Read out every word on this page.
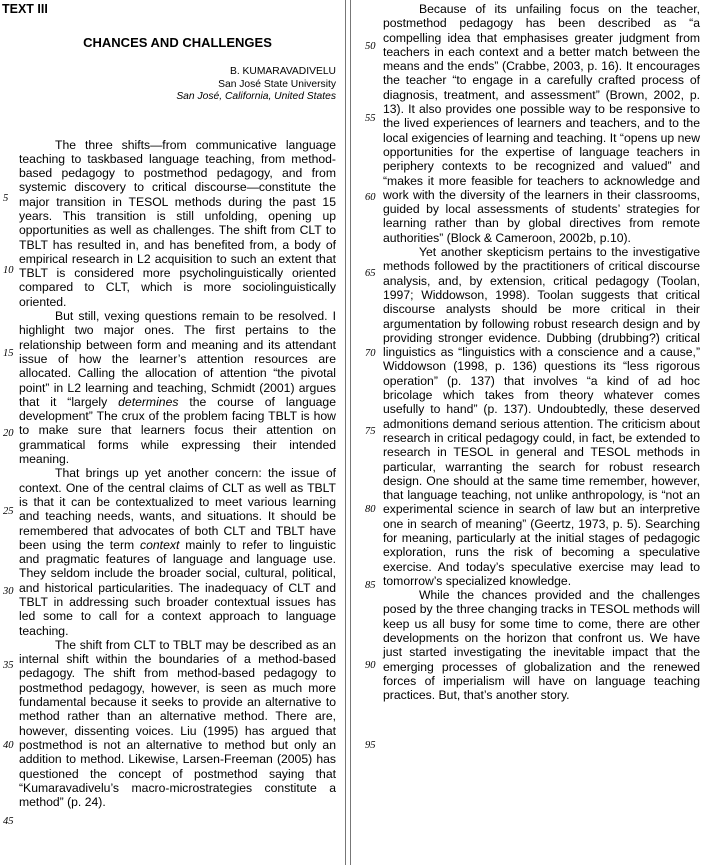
TEXT III
CHANCES AND CHALLENGES
B. KUMARAVADIVELU
San José State University
San José, California, United States

The three shifts—from communicative language teaching to taskbased language teaching, from method-based pedagogy to postmethod pedagogy, and from systemic discovery to critical discourse—constitute the major transition in TESOL methods during the past 15 years. This transition is still unfolding, opening up opportunities as well as challenges. The shift from CLT to TBLT has resulted in, and has benefited from, a body of empirical research in L2 acquisition to such an extent that TBLT is considered more psycholinguistically oriented compared to CLT, which is more sociolinguistically oriented.

But still, vexing questions remain to be resolved. I highlight two major ones. The first pertains to the relationship between form and meaning and its attendant issue of how the learner’s attention resources are allocated. Calling the allocation of attention “the pivotal point” in L2 learning and teaching, Schmidt (2001) argues that it “largely determines the course of language development” The crux of the problem facing TBLT is how to make sure that learners focus their attention on grammatical forms while expressing their intended meaning.

That brings up yet another concern: the issue of context. One of the central claims of CLT as well as TBLT is that it can be contextualized to meet various learning and teaching needs, wants, and situations. It should be remembered that advocates of both CLT and TBLT have been using the term context mainly to refer to linguistic and pragmatic features of language and language use. They seldom include the broader social, cultural, political, and historical particularities. The inadequacy of CLT and TBLT in addressing such broader contextual issues has led some to call for a context approach to language teaching.

The shift from CLT to TBLT may be described as an internal shift within the boundaries of a method-based pedagogy. The shift from method-based pedagogy to postmethod pedagogy, however, is seen as much more fundamental because it seeks to provide an alternative to method rather than an alternative method. There are, however, dissenting voices. Liu (1995) has argued that postmethod is not an alternative to method but only an addition to method. Likewise, Larsen-Freeman (2005) has questioned the concept of postmethod saying that “Kumaravadivelu’s macro-microstrategies constitute a method” (p. 24).

Because of its unfailing focus on the teacher, postmethod pedagogy has been described as “a compelling idea that emphasises greater judgment from teachers in each context and a better match between the means and the ends” (Crabbe, 2003, p. 16). It encourages the teacher “to engage in a carefully crafted process of diagnosis, treatment, and assessment” (Brown, 2002, p. 13). It also provides one possible way to be responsive to the lived experiences of learners and teachers, and to the local exigencies of learning and teaching. It “opens up new opportunities for the expertise of language teachers in periphery contexts to be recognized and valued” and “makes it more feasible for teachers to acknowledge and work with the diversity of the learners in their classrooms, guided by local assessments of students’ strategies for learning rather than by global directives from remote authorities” (Block & Cameroon, 2002b, p.10).

Yet another skepticism pertains to the investigative methods followed by the practitioners of critical discourse analysis, and, by extension, critical pedagogy (Toolan, 1997; Widdowson, 1998). Toolan suggests that critical discourse analysts should be more critical in their argumentation by following robust research design and by providing stronger evidence. Dubbing (drubbing?) critical linguistics as “linguistics with a conscience and a cause,” Widdowson (1998, p. 136) questions its “less rigorous operation” (p. 137) that involves “a kind of ad hoc bricolage which takes from theory whatever comes usefully to hand” (p. 137). Undoubtedly, these deserved admonitions demand serious attention. The criticism about research in critical pedagogy could, in fact, be extended to research in TESOL in general and TESOL methods in particular, warranting the search for robust research design. One should at the same time remember, however, that language teaching, not unlike anthropology, is “not an experimental science in search of law but an interpretive one in search of meaning” (Geertz, 1973, p. 5). Searching for meaning, particularly at the initial stages of pedagogic exploration, runs the risk of becoming a speculative exercise. And today’s speculative exercise may lead to tomorrow’s specialized knowledge.

While the chances provided and the challenges posed by the three changing tracks in TESOL methods will keep us all busy for some time to come, there are other developments on the horizon that confront us. We have just started investigating the inevitable impact that the emerging processes of globalization and the renewed forces of imperialism will have on language teaching practices. But, that’s another story.

5
10
15
20
25
30
35
40
45
50
55
60
65
70
75
80
85
90
95
